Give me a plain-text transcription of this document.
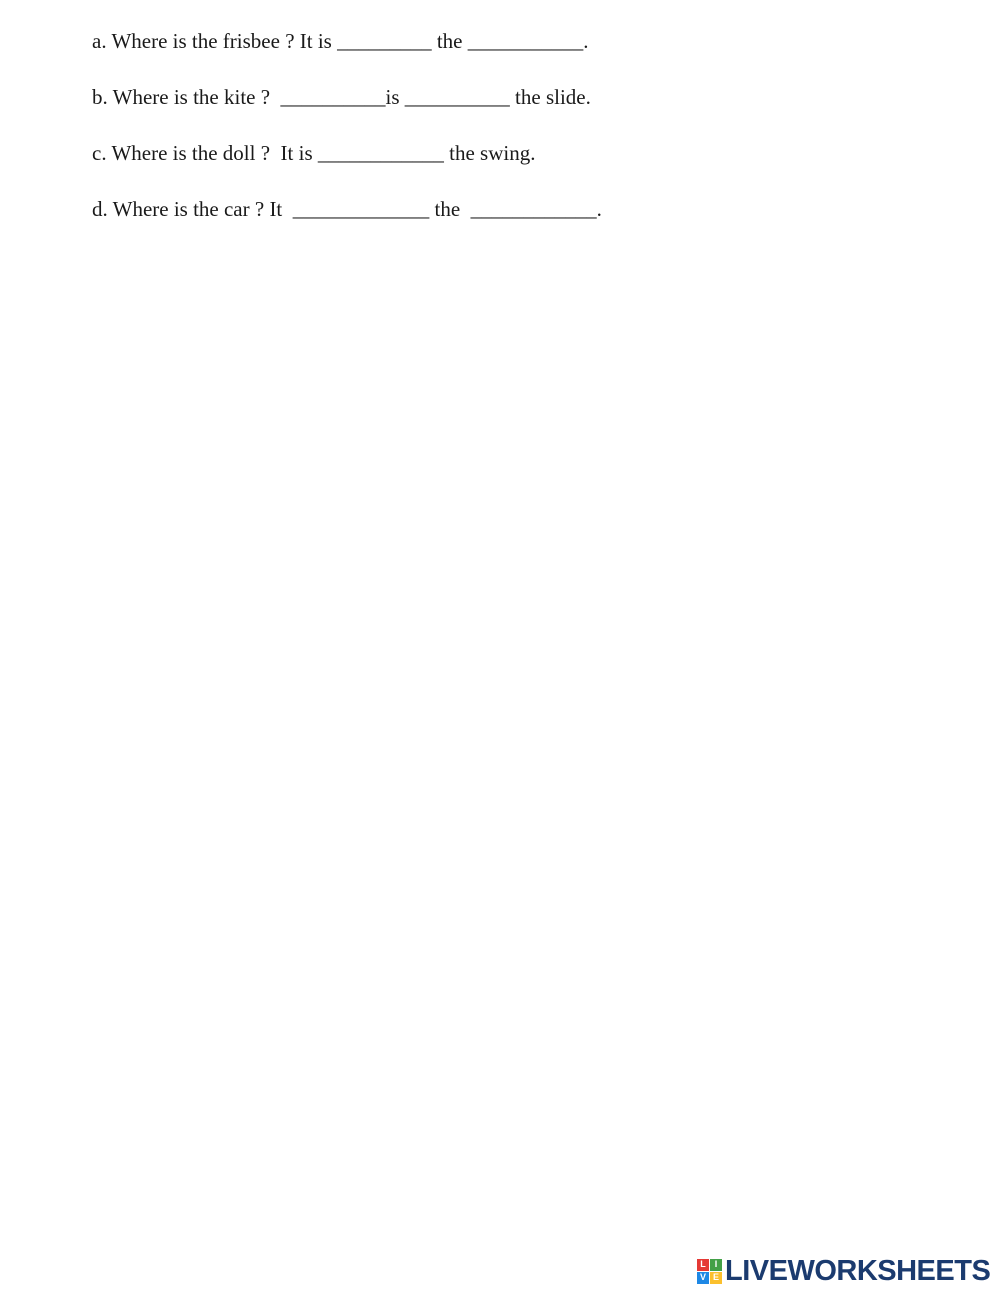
a. Where is the frisbee ? It is _________ the ___________.
b. Where is the kite ?  __________is __________ the slide.
c. Where is the doll ?  It is ____________ the swing.
d. Where is the car ? It  _____________ the  ____________.
L I
V E LIVEWORKSHEETS
